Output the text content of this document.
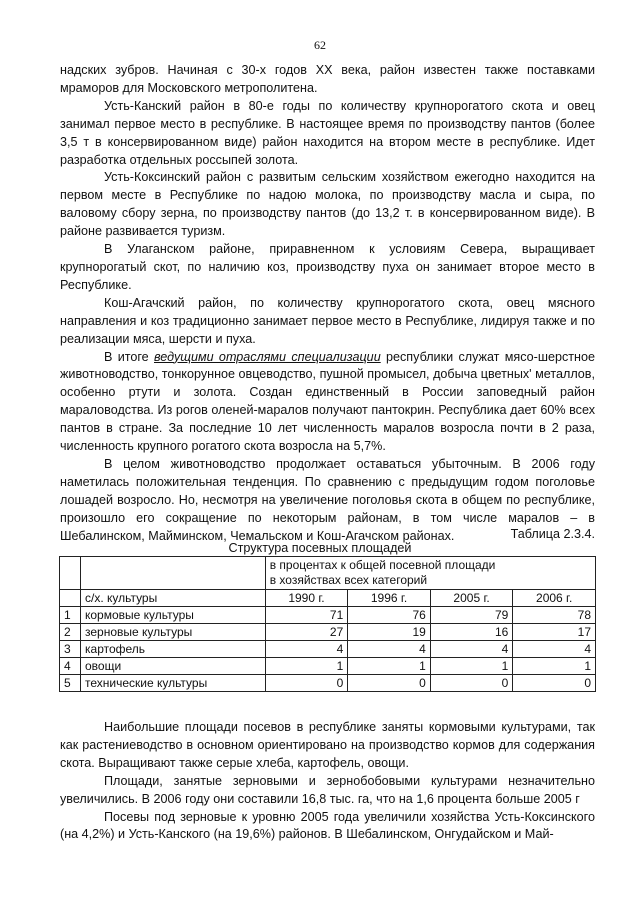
62

надских зубров. Начиная с 30-х годов XX века, район известен также поставками мраморов для Московского метрополитена.

Усть-Канский район в 80-е годы по количеству крупнорогатого скота и овец занимал первое место в республике. В настоящее время по производству пантов (более 3,5 т в консервированном виде) район находится на втором месте в республике. Идет разработка отдельных россыпей золота.

Усть-Коксинский район с развитым сельским хозяйством ежегодно находится на первом месте в Республике по надою молока, по производству масла и сыра, по валовому сбору зерна, по производству пантов (до 13,2 т. в консервированном виде). В районе развивается туризм.

В Улаганском районе, приравненном к условиям Севера, выращивает крупнорогатый скот, по наличию коз, производству пуха он занимает второе место в Республике.

Кош-Агачский район, по количеству крупнорогатого скота, овец мясного направления и коз традиционно занимает первое место в Республике, лидируя также и по реализации мяса, шерсти и пуха.

В итоге ведущими отраслями специализации республики служат мясо-шерстное животноводство, тонкорунное овцеводство, пушной промысел, добыча цветных' металлов, особенно ртути и золота. Создан единственный в России заповедный район мараловодства. Из рогов оленей-маралов получают пантокрин. Республика дает 60% всех пантов в стране. За последние 10 лет численность маралов возросла почти в 2 раза, численность крупного рогатого скота возросла на 5,7%.

В целом животноводство продолжает оставаться убыточным. В 2006 году наметилась положительная тенденция. По сравнению с предыдущим годом поголовье лошадей возросло. Но, несмотря на увеличение поголовья скота в общем по республике, произошло его сокращение по некоторым районам, в том числе маралов – в Шебалинском, Майминском, Чемальском и Кош-Агачском районах.	Таблица 2.3.4.
Структура посевных площадей
		в процентах к общей посевной площади
в хозяйствах всех категорий			

	с/х. культуры	1990 г.	1996 г.	2005 г.	2006 г.
1	кормовые культуры	71	76	79	78
2	зерновые культуры	27	19	16	17
3	картофель	4	4	4	4
4	овощи	1	1	1	1
5	технические культуры	0	0	0	0

Наибольшие площади посевов в республике заняты кормовыми культурами, так как растениеводство в основном ориентировано на производство кормов для содержания скота. Выращивают также серые хлеба, картофель, овощи.

Площади, занятые зерновыми и зернобобовыми культурами незначительно увеличились. В 2006 году они составили 16,8 тыс. га, что на 1,6 процента больше 2005 г

Посевы под зерновые к уровню 2005 года увеличили хозяйства Усть-Коксинского (на 4,2%) и Усть-Канского (на 19,6%) районов. В Шебалинском, Онгудайском и Май-
